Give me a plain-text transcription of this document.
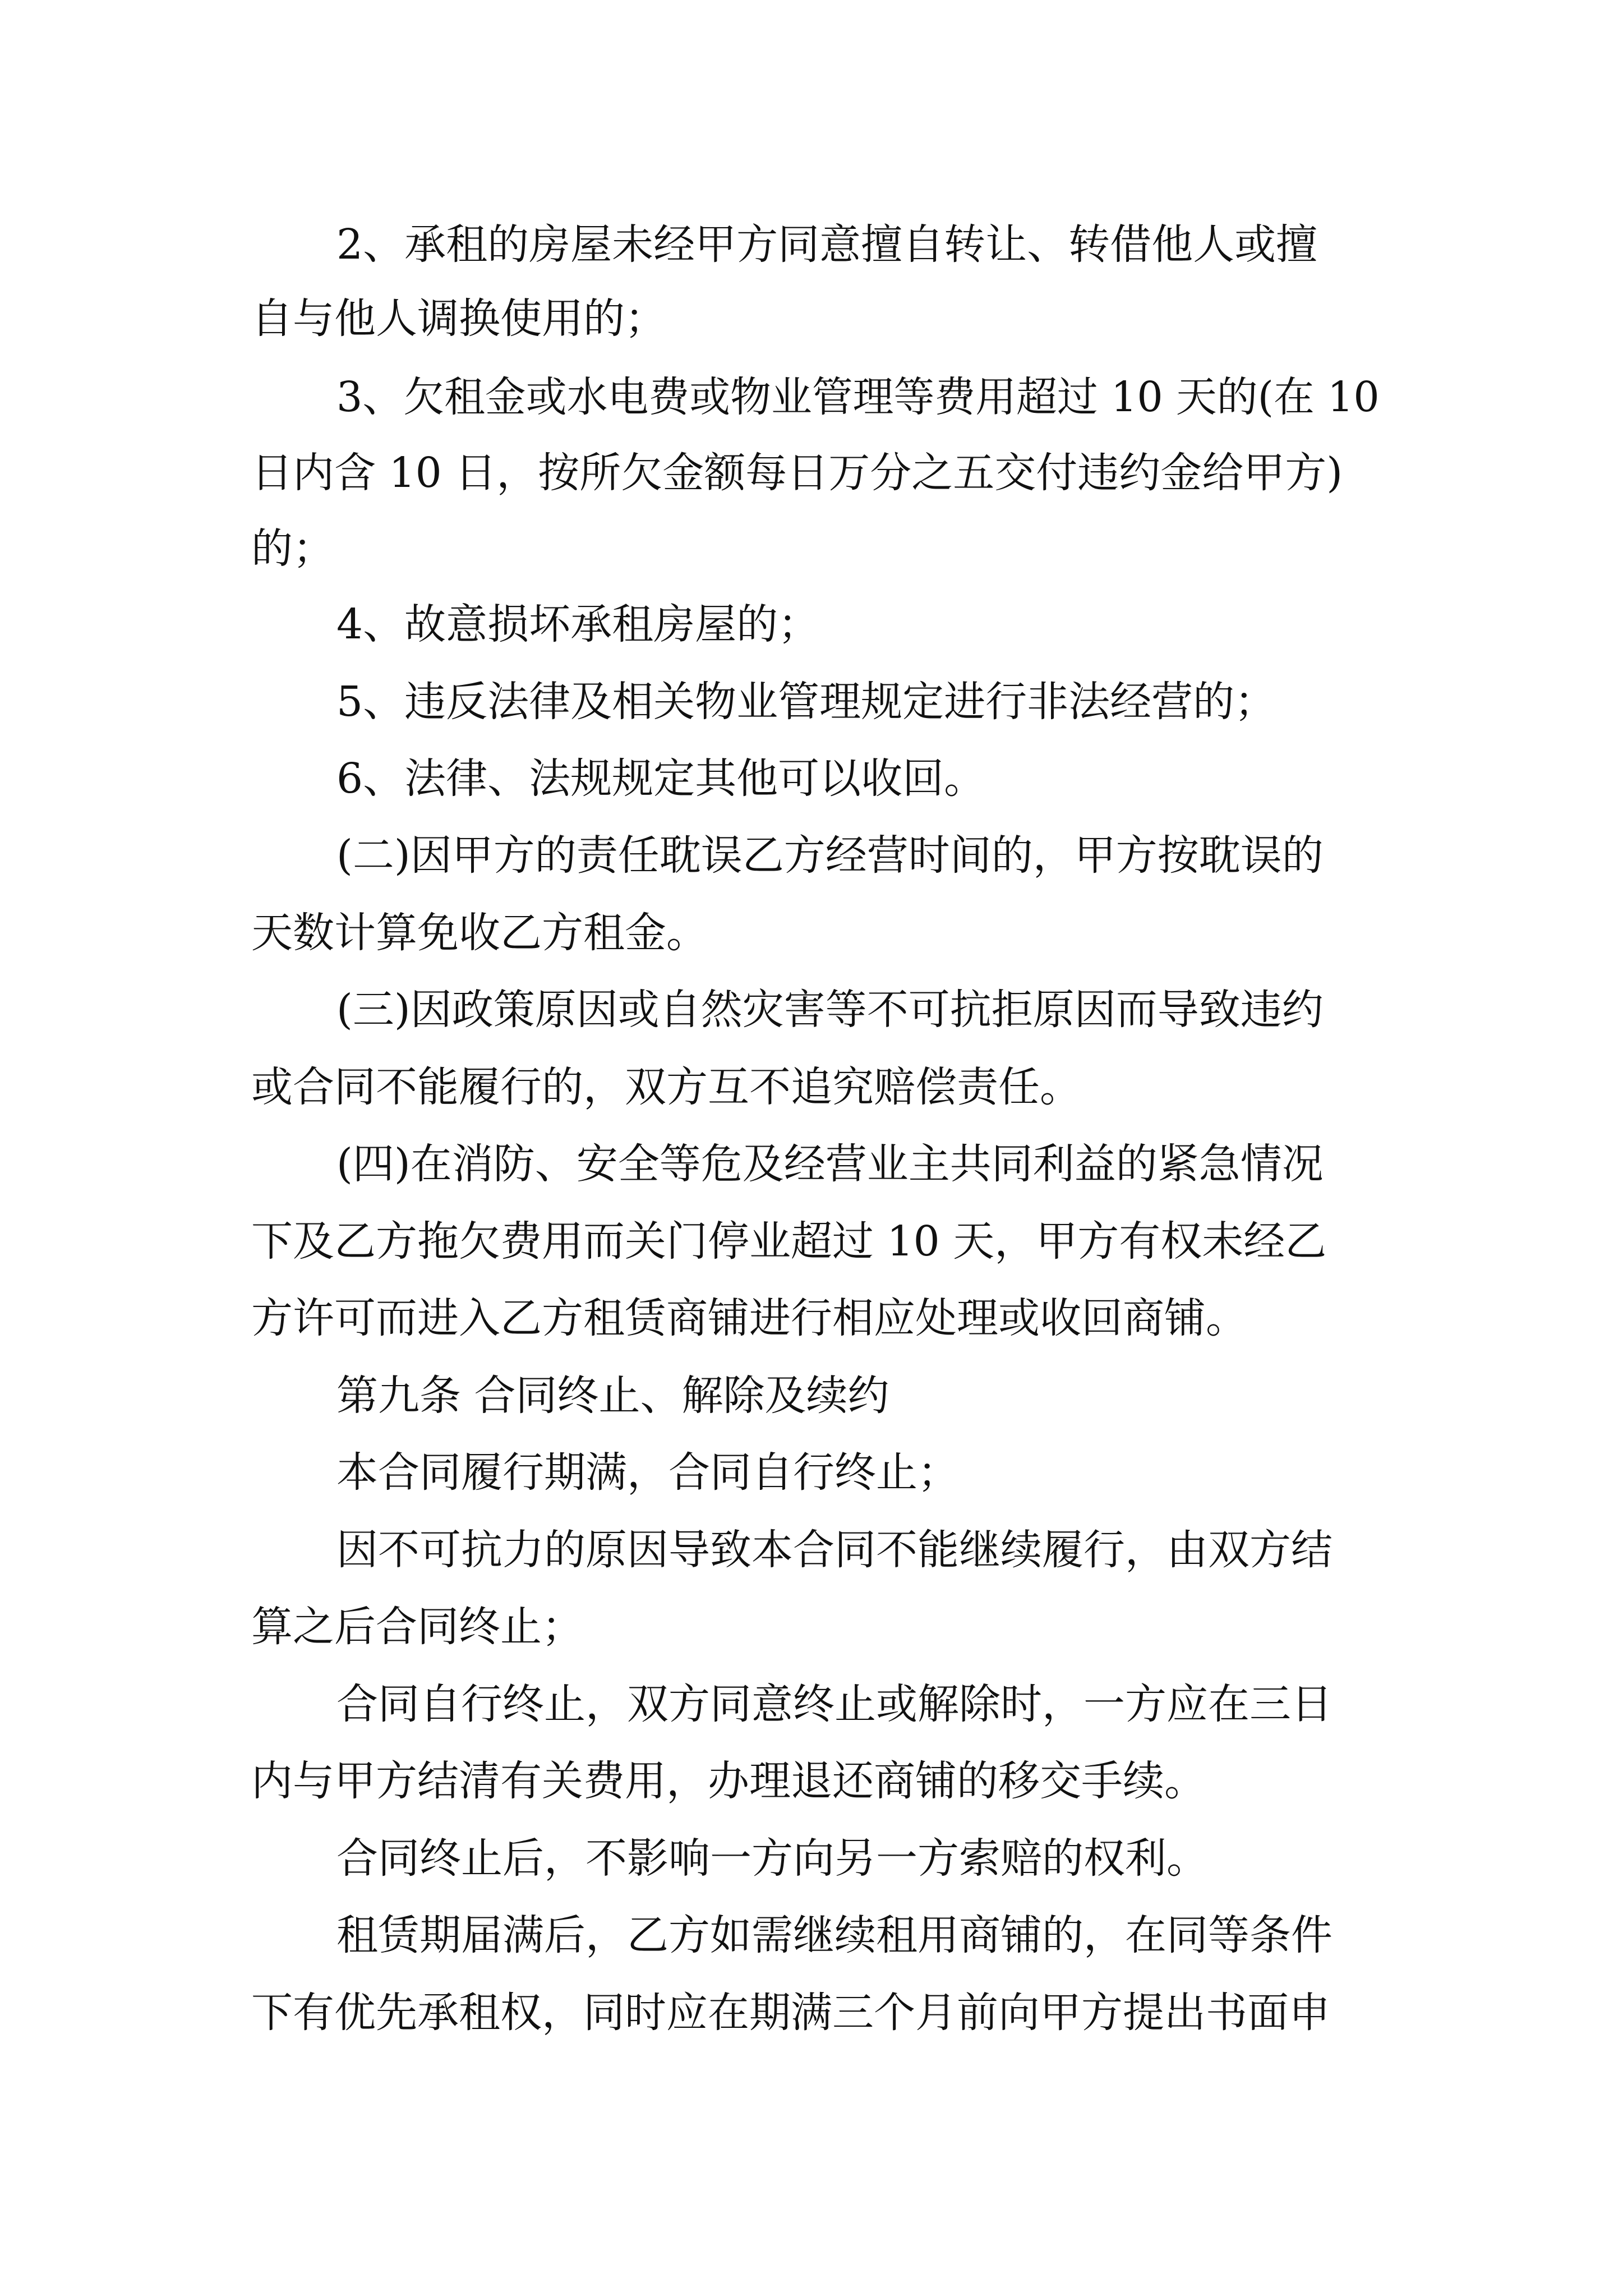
2、承租的房屋未经甲方同意擅自转让、转借他人或擅

自与他人调换使用的；

3、欠租金或水电费或物业管理等费用超过 10 天的(在 10

日内含 10 日，按所欠金额每日万分之五交付违约金给甲方)

的；

4、故意损坏承租房屋的；

5、违反法律及相关物业管理规定进行非法经营的；

6、法律、法规规定其他可以收回。

(二)因甲方的责任耽误乙方经营时间的，甲方按耽误的

天数计算免收乙方租金。

(三)因政策原因或自然灾害等不可抗拒原因而导致违约

或合同不能履行的，双方互不追究赔偿责任。

(四)在消防、安全等危及经营业主共同利益的紧急情况

下及乙方拖欠费用而关门停业超过 10 天，甲方有权未经乙

方许可而进入乙方租赁商铺进行相应处理或收回商铺。

第九条 合同终止、解除及续约

本合同履行期满，合同自行终止；

因不可抗力的原因导致本合同不能继续履行，由双方结

算之后合同终止；

合同自行终止，双方同意终止或解除时，一方应在三日

内与甲方结清有关费用，办理退还商铺的移交手续。

合同终止后，不影响一方向另一方索赔的权利。

租赁期届满后，乙方如需继续租用商铺的，在同等条件

下有优先承租权，同时应在期满三个月前向甲方提出书面申
